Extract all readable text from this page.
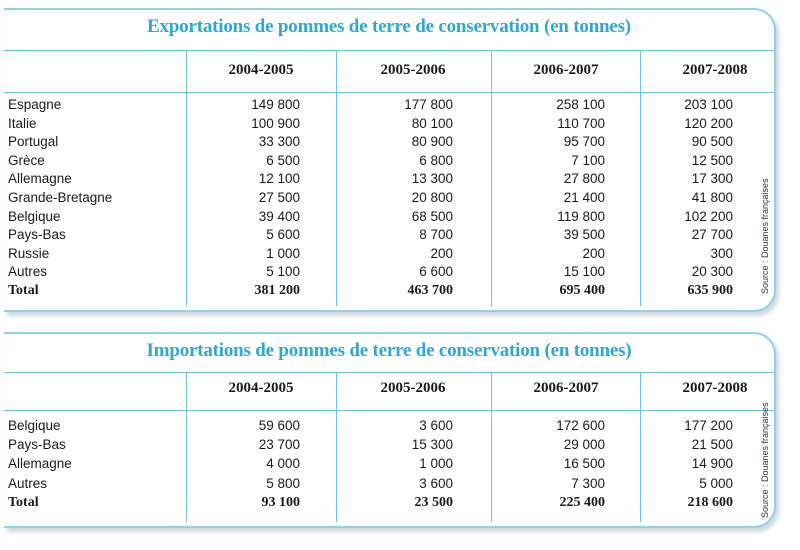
Exportations de pommes de terre de conservation (en tonnes)
2004-2005	2005-2006	2006-2007	2007-2008
Espagne	149 800	177 800	258 100	203 100
Italie	100 900	80 100	110 700	120 200
Portugal	33 300	80 900	95 700	90 500
Grèce	6 500	6 800	7 100	12 500
Allemagne	12 100	13 300	27 800	17 300
Grande-Bretagne	27 500	20 800	21 400	41 800
Belgique	39 400	68 500	119 800	102 200
Pays-Bas	5 600	8 700	39 500	27 700
Russie	1 000	200	200	300
Autres	5 100	6 600	15 100	20 300
Total	381 200	463 700	695 400	635 900	Source : Douanes françaises
Importations de pommes de terre de conservation (en tonnes)
2004-2005	2005-2006	2006-2007	2007-2008
Belgique	59 600	3 600	172 600	177 200
Pays-Bas	23 700	15 300	29 000	21 500
Allemagne	4 000	1 000	16 500	14 900
Autres	5 800	3 600	7 300	5 000
Total	93 100	23 500	225 400	218 600	Source : Douanes françaises
